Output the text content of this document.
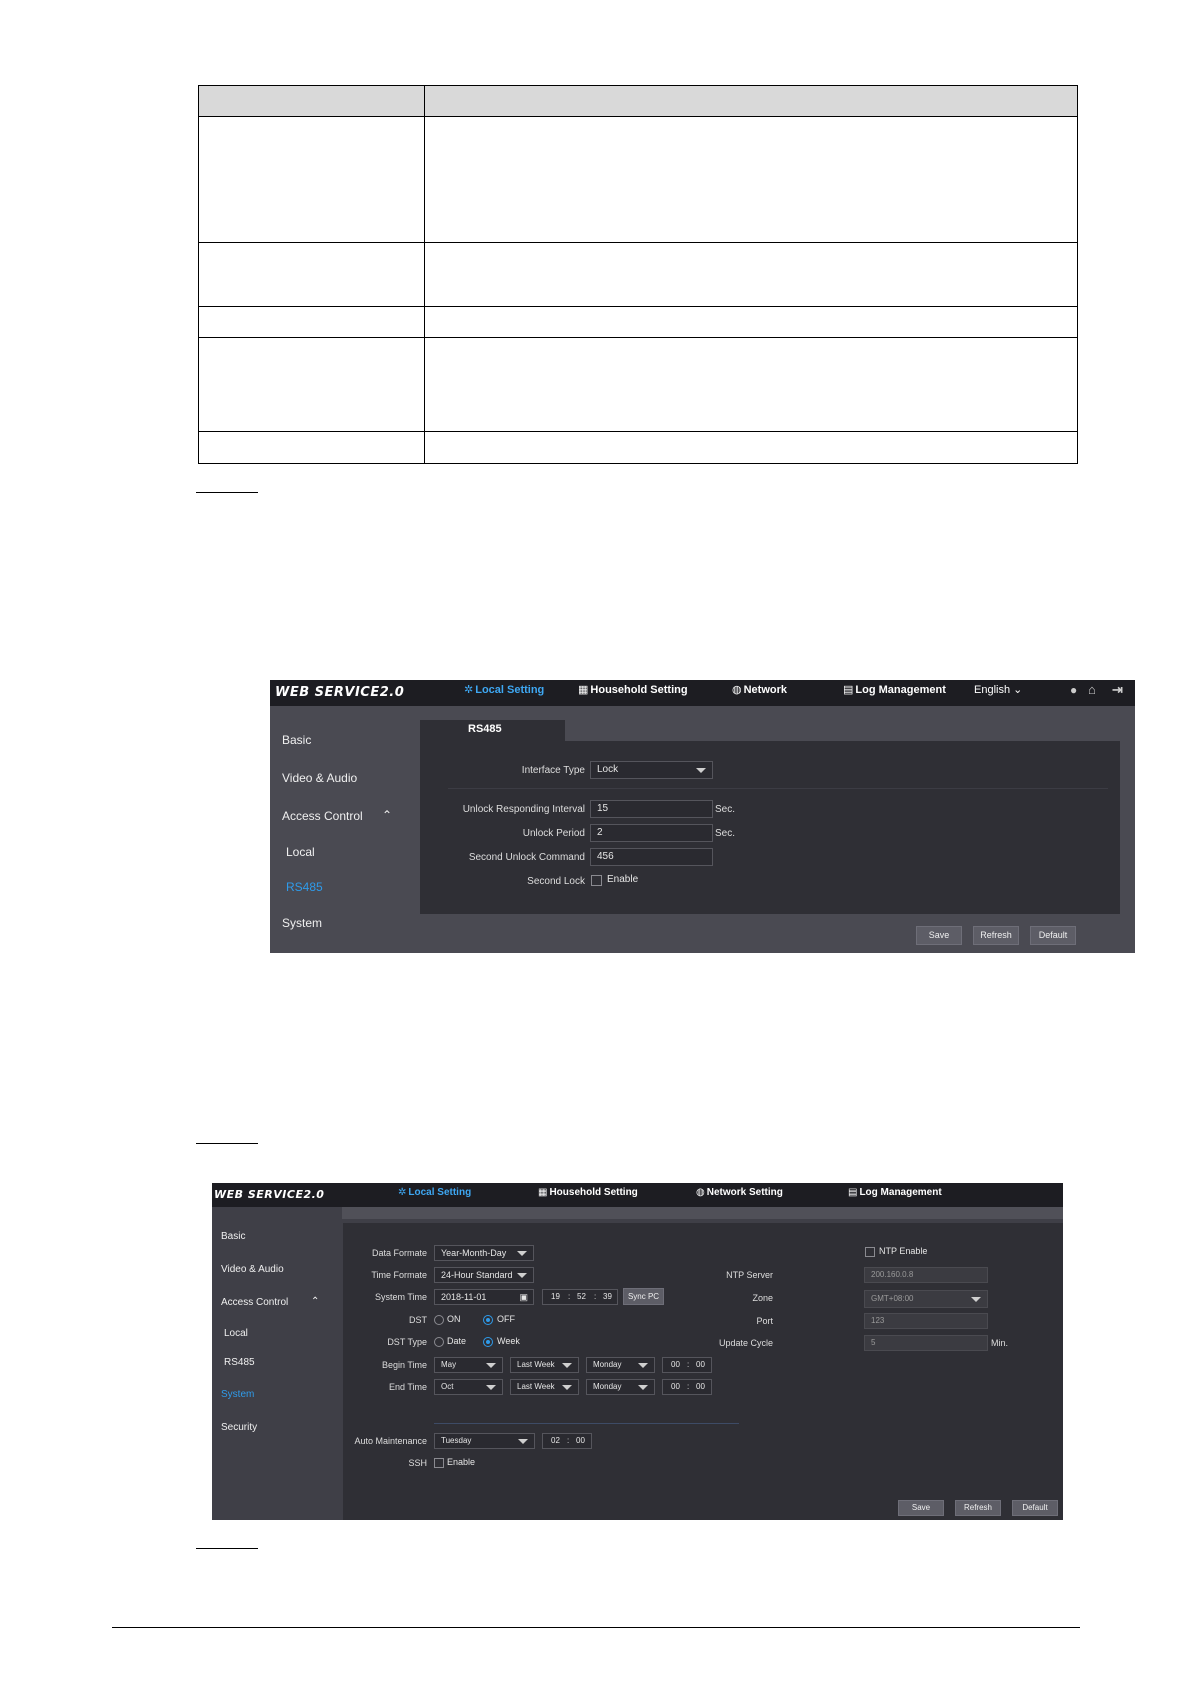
WEB SERVICE2.0	✲ Local Setting	▦ Household Setting	◍ Network	▤ Log Management	English ⌄	● ⌂ ⇥
Basic
Video & Audio
Access Control ⌃
Local
RS485
System
RS485
Interface Type	Lock
Unlock Responding Interval	15	Sec.
Unlock Period	2	Sec.
Second Unlock Command	456
Second Lock Enable
Save	Refresh	Default
WEB SERVICE2.0	✲ Local Setting	▦ Household Setting	◍ Network Setting	▤ Log Management
Basic
Video & Audio
Access Control ⌃
Local
RS485
System
Security
Data Formate	Year-Month-Day
Time Formate	24-Hour Standard
System Time	2018-11-01	▣	19 : 52 : 39	Sync PC
DST ON	OFF
DST Type Date	Week
Begin Time	May	Last Week	Monday	00 : 00
End Time	Oct	Last Week	Monday	00 : 00
Auto Maintenance	Tuesday	02 : 00
SSH Enable
NTP Enable
NTP Server	200.160.0.8
Zone	GMT+08:00
Port	123
Update Cycle	5	Min.
Save	Refresh	Default
